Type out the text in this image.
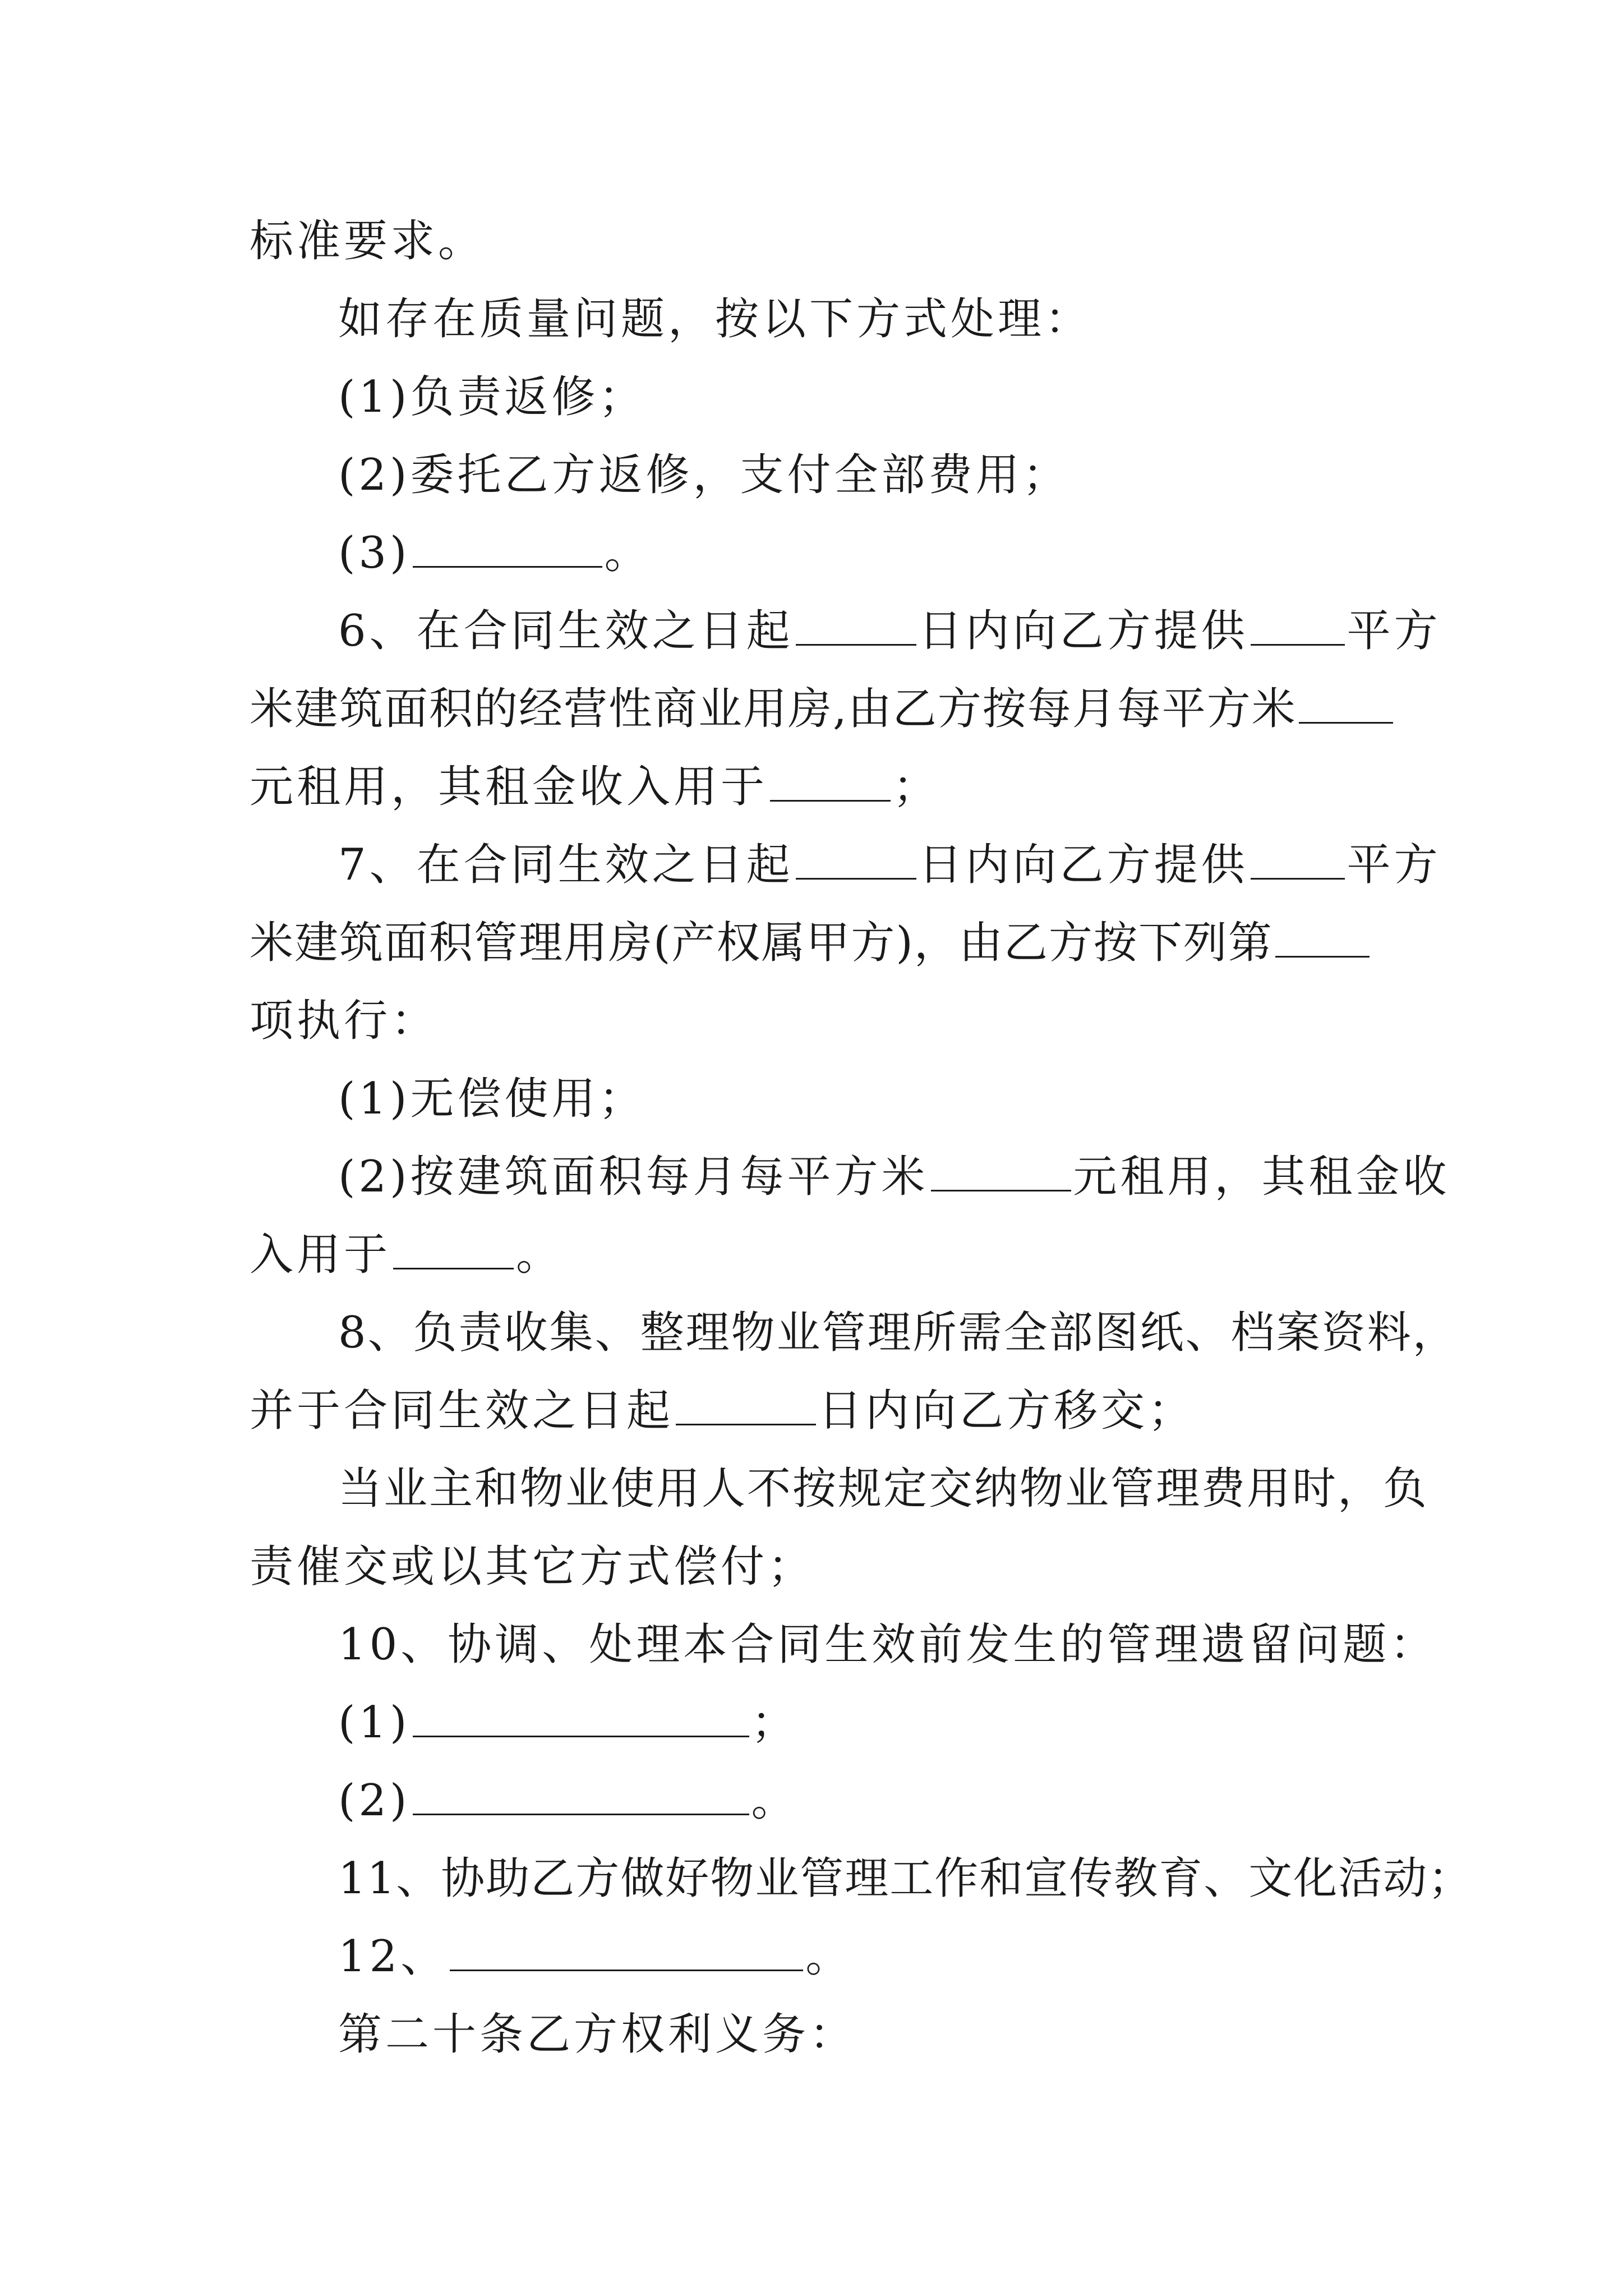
标准要求。
如存在质量问题，按以下方式处理：
(1)负责返修；
(2)委托乙方返修，支付全部费用；
(3)	。
6、在合同生效之日起	日内向乙方提供 平方
米建筑面积的经营性商业用房,由乙方按每月每平方米
元租用，其租金收入用于	；
7、在合同生效之日起	日内向乙方提供 平方
米建筑面积管理用房(产权属甲方)，由乙方按下列第
项执行：
(1)无偿使用；
(2)按建筑面积每月每平方米	元租用，其租金收
入用于	。
8、负责收集、整理物业管理所需全部图纸、档案资料，
并于合同生效之日起	日内向乙方移交；
当业主和物业使用人不按规定交纳物业管理费用时，负
责催交或以其它方式偿付；
10、协调、处理本合同生效前发生的管理遗留问题：
(1)	；
(2)	。
11、协助乙方做好物业管理工作和宣传教育、文化活动；
12、	。
第二十条乙方权利义务：
